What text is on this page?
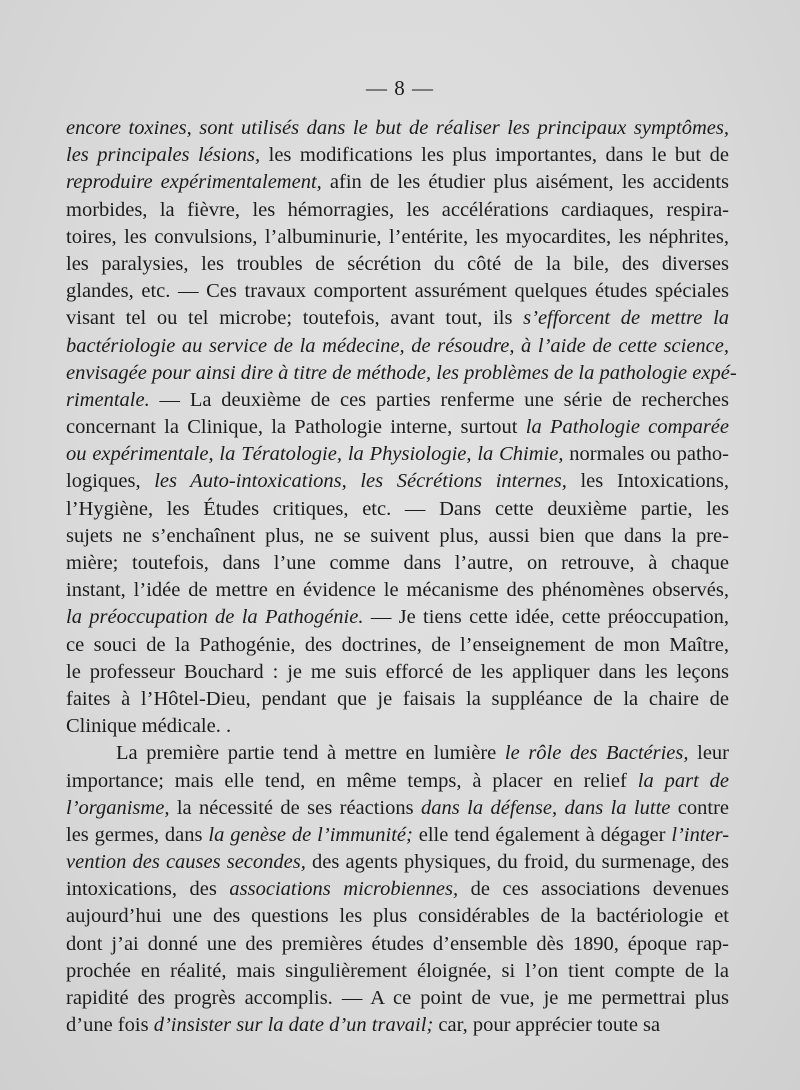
— 8 —
encore toxines, sont utilisés dans le but de réaliser les principaux symptômes,
les principales lésions, les modifications les plus importantes, dans le but de
reproduire expérimentalement, afin de les étudier plus aisément, les accidents
morbides, la fièvre, les hémorragies, les accélérations cardiaques, respira-
toires, les convulsions, l’albuminurie, l’entérite, les myocardites, les néphrites,
les paralysies, les troubles de sécrétion du côté de la bile, des diverses
glandes, etc. — Ces travaux comportent assurément quelques études spéciales
visant tel ou tel microbe; toutefois, avant tout, ils s’efforcent de mettre la
bactériologie au service de la médecine, de résoudre, à l’aide de cette science,
envisagée pour ainsi dire à titre de méthode, les problèmes de la pathologie expé-
rimentale. — La deuxième de ces parties renferme une série de recherches
concernant la Clinique, la Pathologie interne, surtout la Pathologie comparée
ou expérimentale, la Tératologie, la Physiologie, la Chimie, normales ou patho-
logiques, les Auto-intoxications, les Sécrétions internes, les Intoxications,
l’Hygiène, les Études critiques, etc. — Dans cette deuxième partie, les
sujets ne s’enchaînent plus, ne se suivent plus, aussi bien que dans la pre-
mière; toutefois, dans l’une comme dans l’autre, on retrouve, à chaque
instant, l’idée de mettre en évidence le mécanisme des phénomènes observés,
la préoccupation de la Pathogénie. — Je tiens cette idée, cette préoccupation,
ce souci de la Pathogénie, des doctrines, de l’enseignement de mon Maître,
le professeur Bouchard : je me suis efforcé de les appliquer dans les leçons
faites à l’Hôtel-Dieu, pendant que je faisais la suppléance de la chaire de
Clinique médicale. .
La première partie tend à mettre en lumière le rôle des Bactéries, leur
importance; mais elle tend, en même temps, à placer en relief la part de
l’organisme, la nécessité de ses réactions dans la défense, dans la lutte contre
les germes, dans la genèse de l’immunité; elle tend également à dégager l’inter-
vention des causes secondes, des agents physiques, du froid, du surmenage, des
intoxications, des associations microbiennes, de ces associations devenues
aujourd’hui une des questions les plus considérables de la bactériologie et
dont j’ai donné une des premières études d’ensemble dès 1890, époque rap-
prochée en réalité, mais singulièrement éloignée, si l’on tient compte de la
rapidité des progrès accomplis. — A ce point de vue, je me permettrai plus
d’une fois d’insister sur la date d’un travail; car, pour apprécier toute sa
